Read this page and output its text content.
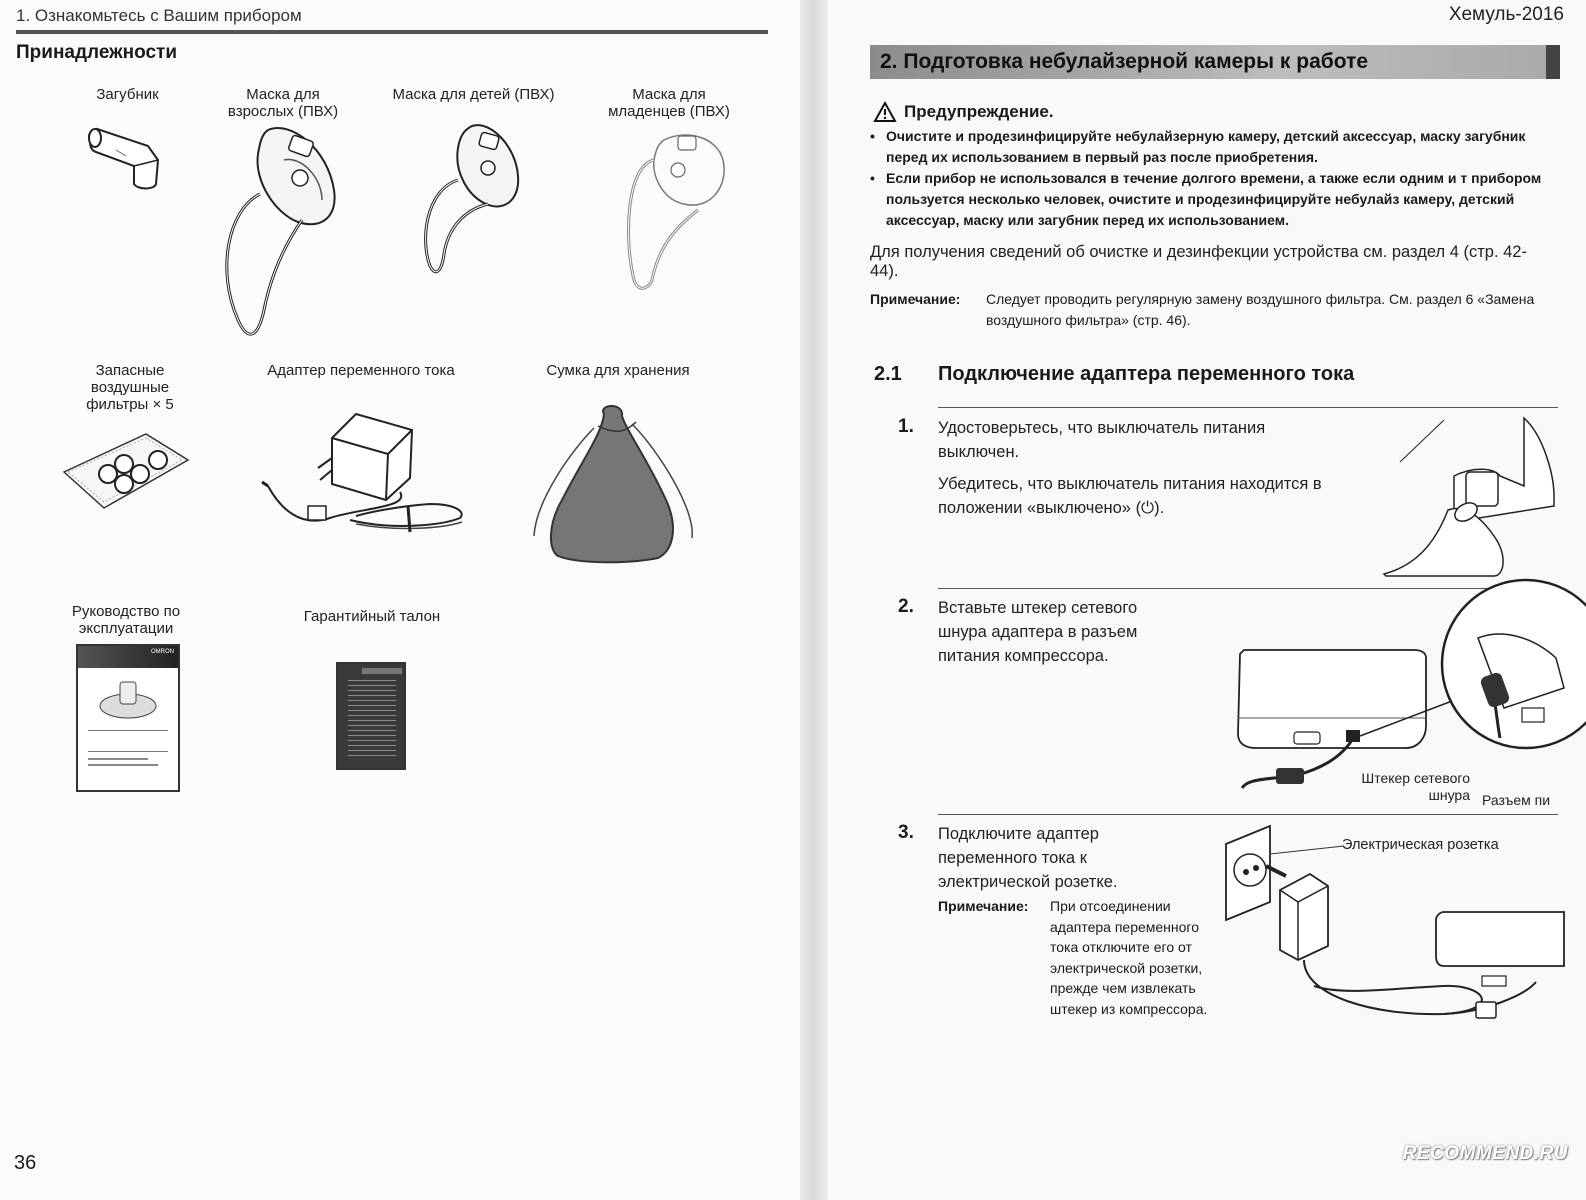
1. Ознакомьтесь с Вашим прибором
Принадлежности
Загубник	Маска для взрослых (ПВХ)
Маска для детей (ПВХ)	Маска для младенцев (ПВХ)
Запасные воздушные фильтры × 5
Адаптер переменного тока	Сумка для хранения
Руководство по эксплуатации
Гарантийный талон
OMRON
36
Хемуль-2016
2. Подготовка небулайзерной камеры к работе
Предупреждение.
• Очистите и продезинфицируйте небулайзерную камеру, детский аксессуар, маску загубник перед их использованием в первый раз после приобретения.
• Если прибор не использовался в течение долгого времени, а также если одним и т прибором пользуется несколько человек, очистите и продезинфицируйте небулайз камеру, детский аксессуар, маску или загубник перед их использованием.
Для получения сведений об очистке и дезинфекции устройства см. раздел 4 (стр. 42-44).
Примечание: Следует проводить регулярную замену воздушного фильтра. См. раздел 6 «Замена воздушного фильтра» (стр. 46).
2.1 Подключение адаптера переменного тока
1. Удостоверьтесь, что выключатель питания выключен.
Убедитесь, что выключатель питания находится в положении «выключено» (⏻).
2. Вставьте штекер сетевого шнура адаптера в разъем питания компрессора.
Штекер сетевого шнура Разъем пи
3. Подключите адаптер переменного тока к электрической розетке.
Примечание: При отсоединении адаптера переменного тока отключите его от электрической розетки, прежде чем извлекать штекер из компрессора.
Электрическая розетка
RECOMMEND.RU
